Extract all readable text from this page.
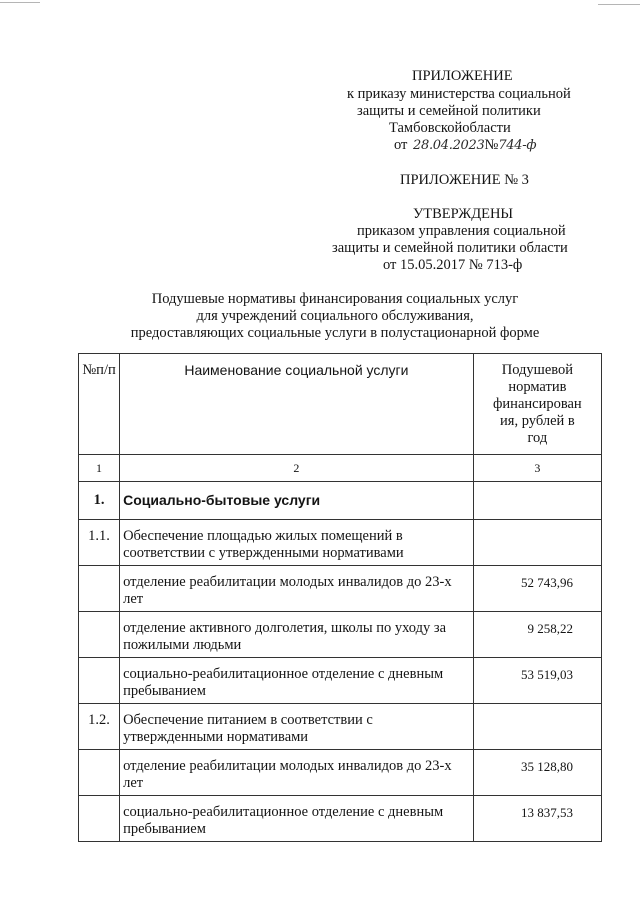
ПРИЛОЖЕНИЕ
к приказу министерства социальной
защиты и семейной политики
Тамбовскойобласти
от 28.04.2023№744-ф
ПРИЛОЖЕНИЕ № 3
УТВЕРЖДЕНЫ
приказом управления социальной
защиты и семейной политики области
от 15.05.2017 № 713-ф
Подушевые нормативы финансирования социальных услуг
для учреждений социального обслуживания,
предоставляющих социальные услуги в полустационарной форме
№п/п	Наименование социальной услуги	Подушевой
норматив
финансирован
ия, рублей в
год

1	2	3
1.	Социально-бытовые услуги	
1.1.	Обеспечение площадью жилых помещений в соответствии с утвержденными нормативами	
	отделение реабилитации молодых инвалидов до 23-х лет	52 743,96
	отделение активного долголетия, школы по уходу за пожилыми людьми	9 258,22
	социально-реабилитационное отделение с дневным пребыванием	53 519,03
1.2.	Обеспечение питанием в соответствии с утвержденными нормативами	
	отделение реабилитации молодых инвалидов до 23-х лет	35 128,80
	социально-реабилитационное отделение с дневным пребыванием	13 837,53
